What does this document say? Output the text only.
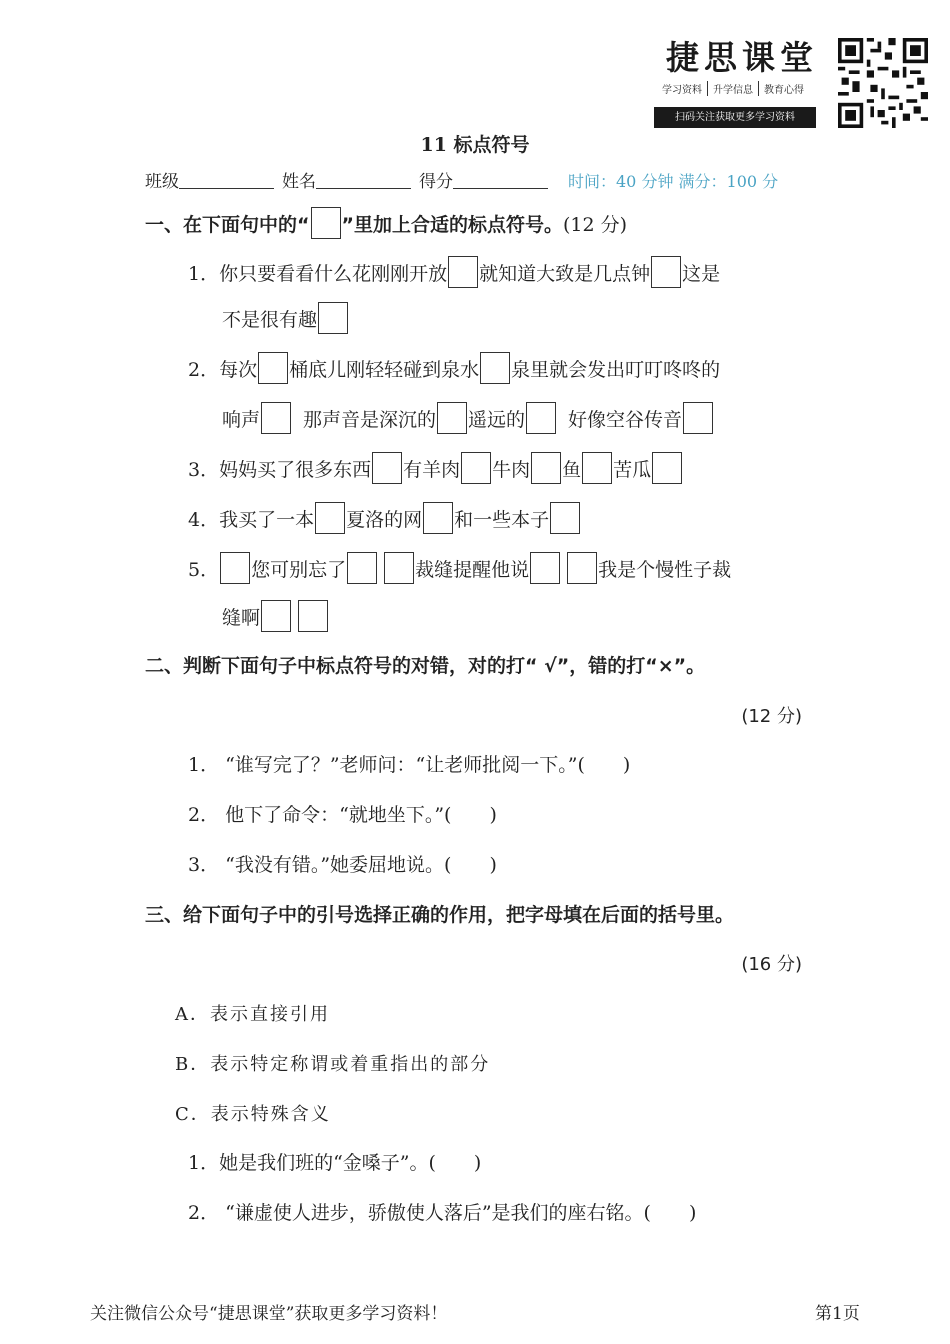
捷思课堂
学习资料	升学信息	教育心得
扫码关注获取更多学习资料
11 标点符号
班级	姓名	得分	时间：40 分钟 满分：100 分
一、在下面句中的“ ”里加上合适的标点符号。 (12 分)
1． 你只要看看什么花刚刚开放 就知道大致是几点钟 这是
不是很有趣
2． 每次 桶底儿刚轻轻碰到泉水 泉里就会发出叮叮咚咚的
响声 那声音是深沉的 遥远的 好像空谷传音
3． 妈妈买了很多东西 有羊肉 牛肉 鱼 苦瓜
4． 我买了一本 夏洛的网 和一些本子
5． 您可别忘了	裁缝提醒他说	我是个慢性子裁
缝啊
二、判断下面句子中标点符号的对错，对的打“ √”，错的打“×”。
(12 分)
1． “谁写完了？”老师问：“让老师批阅一下。”(　　)
2． 他下了命令：“就地坐下。”(　　)
3． “我没有错。”她委屈地说。(　　)
三、给下面句子中的引号选择正确的作用，把字母填在后面的括号里。
(16 分)
A．表示直接引用
B．表示特定称谓或着重指出的部分
C．表示特殊含义
1．她是我们班的“金嗓子”。(　　)
2． “谦虚使人进步，骄傲使人落后”是我们的座右铭。(　　)
关注微信公众号“捷思课堂”获取更多学习资料！	第1页
